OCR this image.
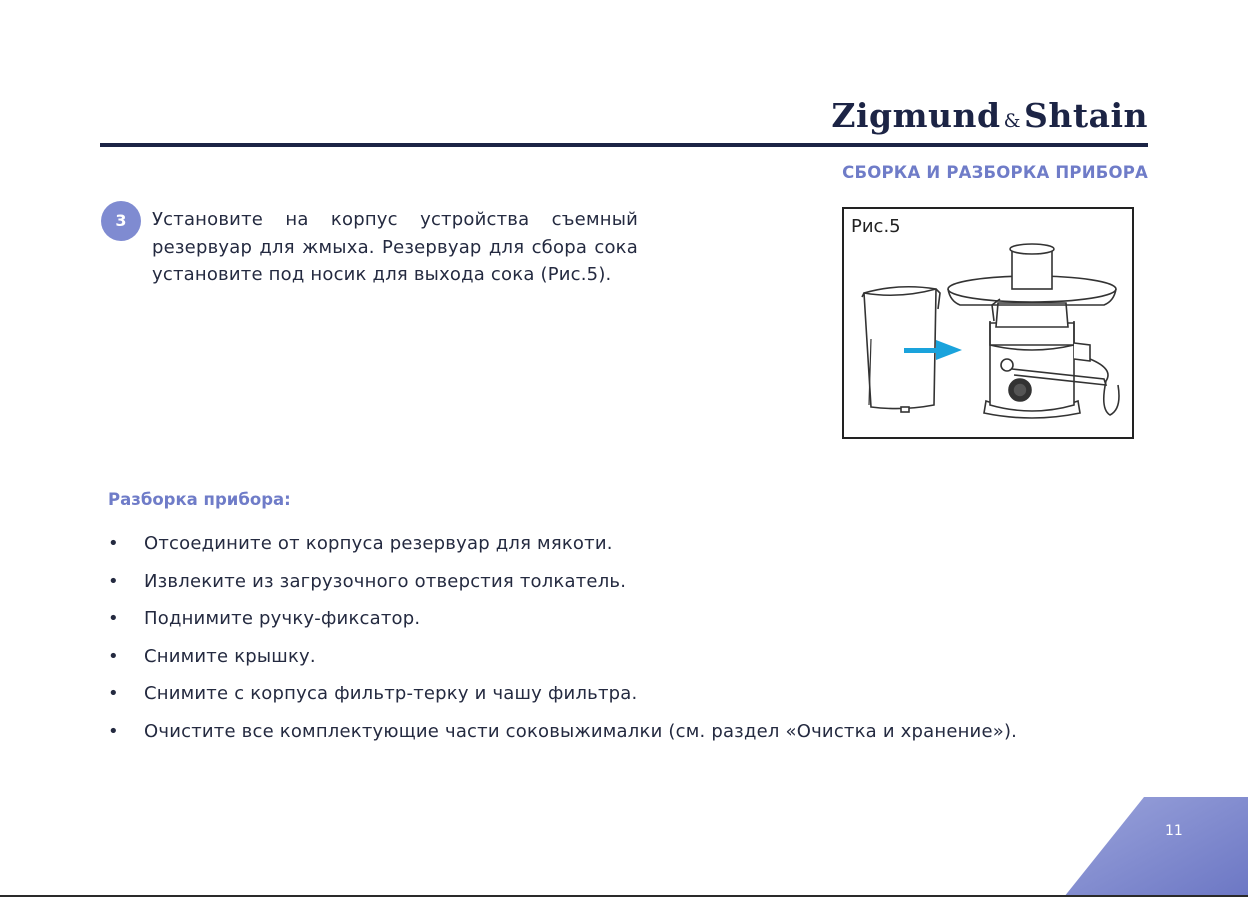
Zigmund &Shtain
СБОРКА И РАЗБОРКА ПРИБОРА
3	Установите на корпус устройства съемный резервуар для жмыха. Резервуар для сбора сока установите под носик для выхода сока (Рис.5).
Рис.5
Разборка прибора:
•	Отсоедините от корпуса резервуар для мякоти.
•	Извлеките из загрузочного отверстия толкатель.
•	Поднимите ручку-фиксатор.
•	Снимите крышку.
•	Снимите с корпуса фильтр-терку и чашу фильтра.
•	Очистите все комплектующие части соковыжималки (см. раздел «Очистка и хранение»).
11
